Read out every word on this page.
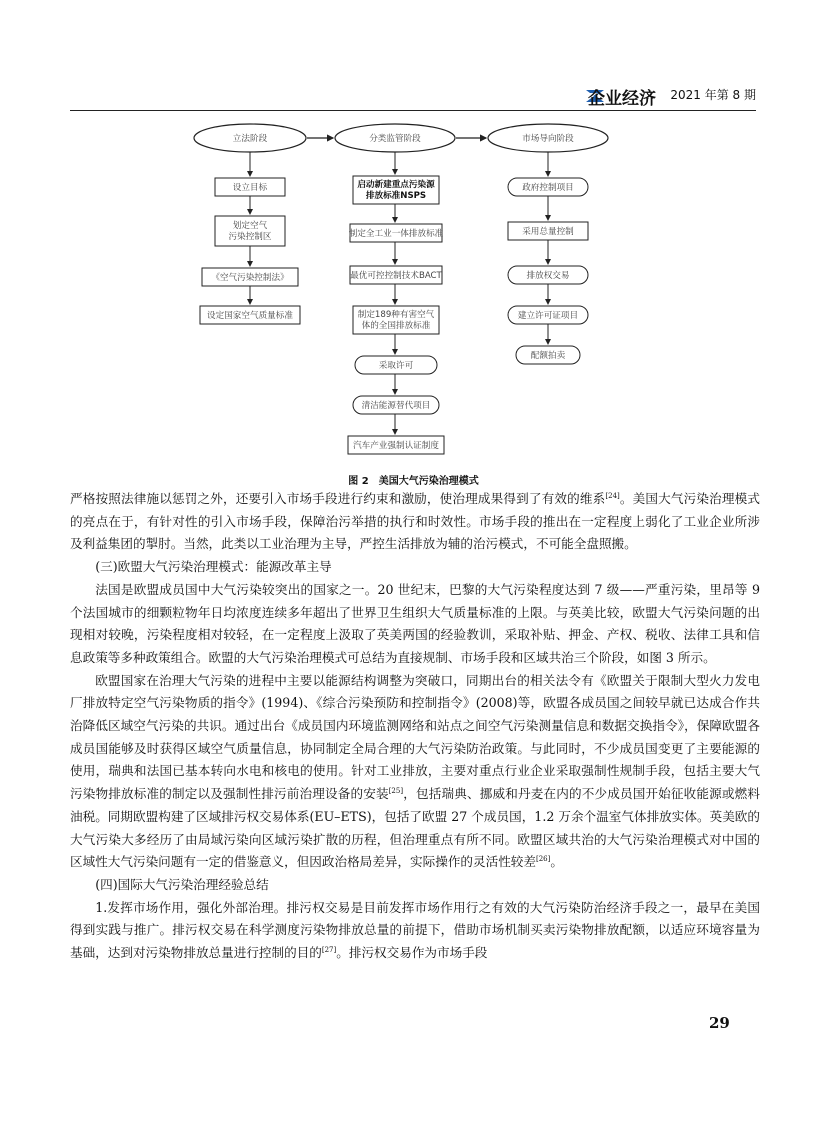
企业经济 2021 年第 8 期
立法阶段	分类监管阶段	市场导向阶段
设立目标
划定空气污染控制区
《空气污染控制法》
设定国家空气质量标准
启动新建重点污染源排放标准NSPS
制定全工业一体排放标准
最优可控控制技术BACT
制定189种有害空气体的全国排放标准
采取许可
清洁能源替代项目
汽车产业强制认证制度
政府控制项目
采用总量控制
排放权交易
建立许可证项目
配额拍卖
图 2　美国大气污染治理模式

严格按照法律施以惩罚之外，还要引入市场手段进行约束和激励，使治理成果得到了有效的维系[24]。美国大气污染治理模式的亮点在于，有针对性的引入市场手段，保障治污举措的执行和时效性。市场手段的推出在一定程度上弱化了工业企业所涉及利益集团的掣肘。当然，此类以工业治理为主导，严控生活排放为辅的治污模式，不可能全盘照搬。

(三)欧盟大气污染治理模式：能源改革主导

法国是欧盟成员国中大气污染较突出的国家之一。20 世纪末，巴黎的大气污染程度达到 7 级——严重污染，里昂等 9 个法国城市的细颗粒物年日均浓度连续多年超出了世界卫生组织大气质量标准的上限。与英美比较，欧盟大气污染问题的出现相对较晚，污染程度相对较轻，在一定程度上汲取了英美两国的经验教训，采取补贴、押金、产权、税收、法律工具和信息政策等多种政策组合。欧盟的大气污染治理模式可总结为直接规制、市场手段和区域共治三个阶段，如图 3 所示。

欧盟国家在治理大气污染的进程中主要以能源结构调整为突破口，同期出台的相关法令有《欧盟关于限制大型火力发电厂排放特定空气污染物质的指令》(1994)、《综合污染预防和控制指令》(2008)等，欧盟各成员国之间较早就已达成合作共治降低区域空气污染的共识。通过出台《成员国内环境监测网络和站点之间空气污染测量信息和数据交换指令》，保障欧盟各成员国能够及时获得区域空气质量信息，协同制定全局合理的大气污染防治政策。与此同时，不少成员国变更了主要能源的使用，瑞典和法国已基本转向水电和核电的使用。针对工业排放，主要对重点行业企业采取强制性规制手段，包括主要大气污染物排放标准的制定以及强制性排污前治理设备的安装[25]，包括瑞典、挪威和丹麦在内的不少成员国开始征收能源或燃料油税。同期欧盟构建了区域排污权交易体系(EU–ETS)，包括了欧盟 27 个成员国，1.2 万余个温室气体排放实体。英美欧的大气污染大多经历了由局域污染向区域污染扩散的历程，但治理重点有所不同。欧盟区域共治的大气污染治理模式对中国的区域性大气污染问题有一定的借鉴意义，但因政治格局差异，实际操作的灵活性较差[26]。

(四)国际大气污染治理经验总结

1.发挥市场作用，强化外部治理。排污权交易是目前发挥市场作用行之有效的大气污染防治经济手段之一，最早在美国得到实践与推广。排污权交易在科学测度污染物排放总量的前提下，借助市场机制买卖污染物排放配额，以适应环境容量为基础，达到对污染物排放总量进行控制的目的[27]。排污权交易作为市场手段

29
